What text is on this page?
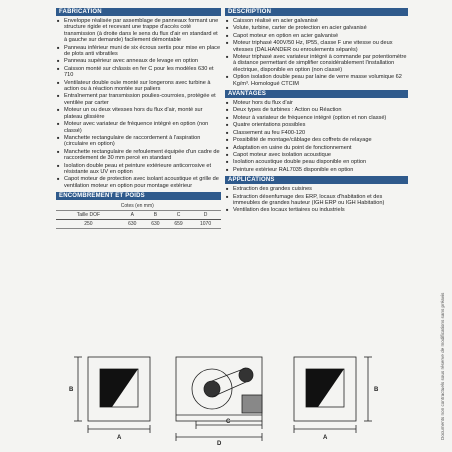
FABRICATION
■ Enveloppe réalisée par assemblage de panneaux formant une structure rigide et recevant une trappe d'accès coté transmission (à droite dans le sens du flux d'air en standard et à gauche sur demande) facilement démontable
■ Panneau inférieur muni de six écrous sertis pour mise en place de plots anti vibratiles
■ Panneau supérieur avec anneaux de levage en option
■ Caisson monté sur châssis en fer C pour les modèles 630 et 710
■ Ventilateur double ouïe monté sur longerons avec turbine à action ou à réaction montée sur paliers
■ Entraînement par transmission poulies-courroies, protégée et ventilée par carter
■ Moteur un ou deux vitesses hors du flux d'air, monté sur plateau glissière
■ Moteur avec variateur de fréquence intégré en option (non classé)
■ Manchette rectangulaire de raccordement à l'aspiration (circulaire en option)
■ Manchette rectangulaire de refoulement équipée d'un cadre de raccordement de 30 mm percé en standard
■ Isolation double peau et peinture extérieure anticorrosive et résistante aux UV en option
■ Capot moteur de protection avec isolant acoustique et grille de ventilation moteur en option pour montage extérieur
ENCOMBREMENT ET POIDS
	Cotes (en mm)			
Taille DOF	A	B	C	D
250	630	630	659	1070
DESCRIPTION
■ Caisson réalisé en acier galvanisé
■ Volute, turbine, carter de protection en acier galvanisé
■ Capot moteur en option en acier galvanisé
■ Moteur triphasé 400V/50 Hz, IP55, classe F une vitesse ou deux vitesses (DALHANDER ou enroulements séparés)
■ Moteur triphasé avec variateur intégré à commande par potentiomètre à distance permettant de simplifier considérablement l'installation électrique, disponible en option (non classé)
■ Option isolation double peau par laine de verre masse volumique 62 Kg/m³. Homologué CTCIM
AVANTAGES
■ Moteur hors du flux d'air
■ Deux types de turbines : Action ou Réaction
■ Moteur à variateur de fréquence intégré (option et non classé)
■ Quatre orientations possibles
■ Classement au feu F400-120
■ Possibilité de montage/câblage des coffrets de relayage
■ Adaptation en usine du point de fonctionnement
■ Capot moteur avec isolation acoustique
■ Isolation acoustique double peau disponible en option
■ Peinture extérieur RAL7035 disponible en option
APPLICATIONS
■ Extraction des grandes cuisines
■ Extraction désenfumage des ERP, locaux d'habitation et des immeubles de grandes hauteur (IGH ERP ou IGH Habitation)
■ Ventilation des locaux tertiaires ou industriels
A
B
C
D
A
B	Documents non contractuels sous réserve de modifications sans préavis
